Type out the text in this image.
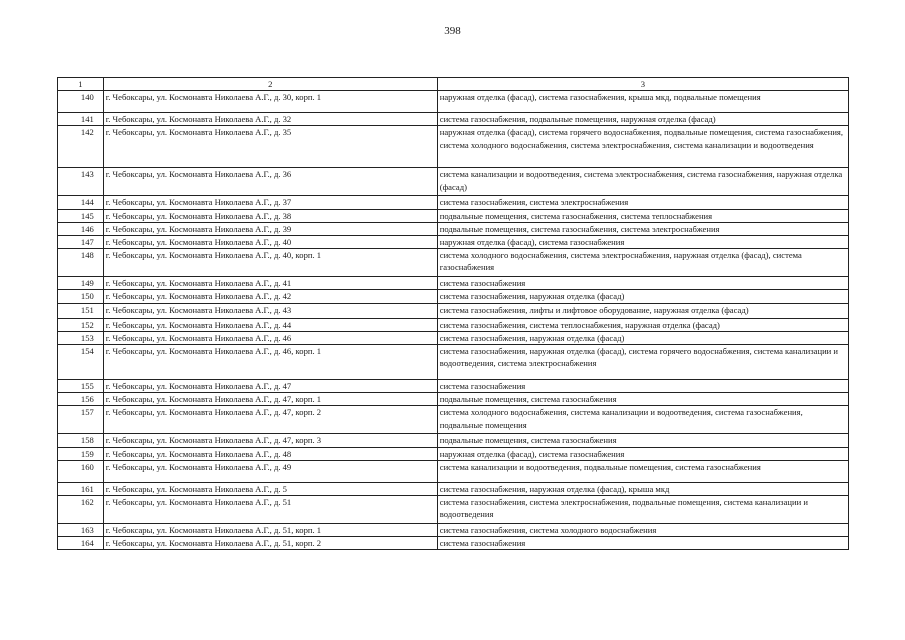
398
1	2	3
140	г. Чебоксары, ул. Космонавта Николаева А.Г., д. 30, корп. 1	наружная отделка (фасад), система газоснабжения, крыша мкд, подвальные помещения
141	г. Чебоксары, ул. Космонавта Николаева А.Г., д. 32	система газоснабжения, подвальные помещения, наружная отделка (фасад)
142	г. Чебоксары, ул. Космонавта Николаева А.Г., д. 35	наружная отделка (фасад), система горячего водоснабжения, подвальные помещения, система газоснабжения, система холодного водоснабжения, система электроснабжения, система канализации и водоотведения
143	г. Чебоксары, ул. Космонавта Николаева А.Г., д. 36	система канализации и водоотведения, система электроснабжения, система газоснабжения, наружная отделка (фасад)
144	г. Чебоксары, ул. Космонавта Николаева А.Г., д. 37	система газоснабжения, система электроснабжения
145	г. Чебоксары, ул. Космонавта Николаева А.Г., д. 38	подвальные помещения, система газоснабжения, система теплоснабжения
146	г. Чебоксары, ул. Космонавта Николаева А.Г., д. 39	подвальные помещения, система газоснабжения, система электроснабжения
147	г. Чебоксары, ул. Космонавта Николаева А.Г., д. 40	наружная отделка (фасад), система газоснабжения
148	г. Чебоксары, ул. Космонавта Николаева А.Г., д. 40, корп. 1	система холодного водоснабжения, система электроснабжения, наружная отделка (фасад), система газоснабжения
149	г. Чебоксары, ул. Космонавта Николаева А.Г., д. 41	система газоснабжения
150	г. Чебоксары, ул. Космонавта Николаева А.Г., д. 42	система газоснабжения, наружная отделка (фасад)
151	г. Чебоксары, ул. Космонавта Николаева А.Г., д. 43	система газоснабжения, лифты и лифтовое оборудование, наружная отделка (фасад)
152	г. Чебоксары, ул. Космонавта Николаева А.Г., д. 44	система газоснабжения, система теплоснабжения, наружная отделка (фасад)
153	г. Чебоксары, ул. Космонавта Николаева А.Г., д. 46	система газоснабжения, наружная отделка (фасад)
154	г. Чебоксары, ул. Космонавта Николаева А.Г., д. 46, корп. 1	система газоснабжения, наружная отделка (фасад), система горячего водоснабжения, система канализации и водоотведения, система электроснабжения
155	г. Чебоксары, ул. Космонавта Николаева А.Г., д. 47	система газоснабжения
156	г. Чебоксары, ул. Космонавта Николаева А.Г., д. 47, корп. 1	подвальные помещения, система газоснабжения
157	г. Чебоксары, ул. Космонавта Николаева А.Г., д. 47, корп. 2	система холодного водоснабжения, система канализации и водоотведения, система газоснабжения, подвальные помещения
158	г. Чебоксары, ул. Космонавта Николаева А.Г., д. 47, корп. 3	подвальные помещения, система газоснабжения
159	г. Чебоксары, ул. Космонавта Николаева А.Г., д. 48	наружная отделка (фасад), система газоснабжения
160	г. Чебоксары, ул. Космонавта Николаева А.Г., д. 49	система канализации и водоотведения, подвальные помещения, система газоснабжения
161	г. Чебоксары, ул. Космонавта Николаева А.Г., д. 5	система газоснабжения, наружная отделка (фасад), крыша мкд
162	г. Чебоксары, ул. Космонавта Николаева А.Г., д. 51	система газоснабжения, система электроснабжения, подвальные помещения, система канализации и водоотведения
163	г. Чебоксары, ул. Космонавта Николаева А.Г., д. 51, корп. 1	система газоснабжения, система холодного водоснабжения
164	г. Чебоксары, ул. Космонавта Николаева А.Г., д. 51, корп. 2	система газоснабжения
